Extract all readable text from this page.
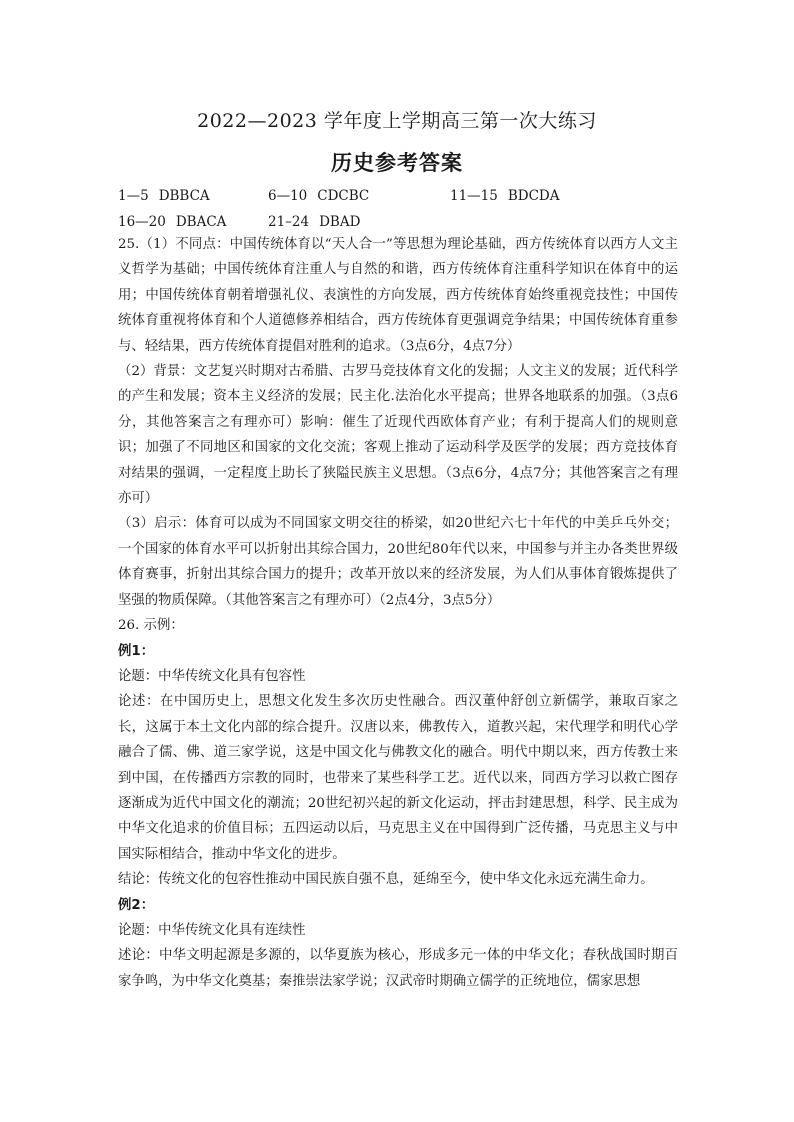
2022—2023 学年度上学期高三第一次大练习
历史参考答案
1—5 DBBCA	6—10 CDCBC	11—15 BDCDA
16—20 DBACA	21–24 DBAD

25.（1）不同点：中国传统体育以“天人合一”等思想为理论基础，西方传统体育以西方人文主义哲学为基础；中国传统体育注重人与自然的和谐，西方传统体育注重科学知识在体育中的运用；中国传统体育朝着增强礼仪、表演性的方向发展，西方传统体育始终重视竞技性；中国传统体育重视将体育和个人道德修养相结合，西方传统体育更强调竞争结果；中国传统体育重参与、轻结果，西方传统体育提倡对胜利的追求。（3点6分，4点7分）

（2）背景：文艺复兴时期对古希腊、古罗马竞技体育文化的发掘；人文主义的发展；近代科学的产生和发展；资本主义经济的发展；民主化.法治化水平提高；世界各地联系的加强。（3点6分，其他答案言之有理亦可）影响：催生了近现代西欧体育产业；有利于提高人们的规则意识；加强了不同地区和国家的文化交流；客观上推动了运动科学及医学的发展；西方竞技体育对结果的强调，一定程度上助长了狭隘民族主义思想。（3点6分，4点7分；其他答案言之有理亦可）

（3）启示：体育可以成为不同国家文明交往的桥梁，如20世纪六七十年代的中美乒乓外交；一个国家的体育水平可以折射出其综合国力，20世纪80年代以来，中国参与并主办各类世界级体育赛事，折射出其综合国力的提升；改革开放以来的经济发展，为人们从事体育锻炼提供了坚强的物质保障。（其他答案言之有理亦可）（2点4分，3点5分）

26. 示例：

例1：

论题：中华传统文化具有包容性

论述：在中国历史上，思想文化发生多次历史性融合。西汉董仲舒创立新儒学，兼取百家之长，这属于本土文化内部的综合提升。汉唐以来，佛教传入，道教兴起，宋代理学和明代心学融合了儒、佛、道三家学说，这是中国文化与佛教文化的融合。明代中期以来，西方传教士来到中国，在传播西方宗教的同时，也带来了某些科学工艺。近代以来，同西方学习以救亡图存逐渐成为近代中国文化的潮流；20世纪初兴起的新文化运动，抨击封建思想，科学、民主成为中华文化追求的价值目标；五四运动以后，马克思主义在中国得到广泛传播，马克思主义与中国实际相结合，推动中华文化的进步。

结论：传统文化的包容性推动中国民族自强不息，延绵至今，使中华文化永远充满生命力。

例2：

论题：中华传统文化具有连续性

述论：中华文明起源是多源的，以华夏族为核心，形成多元一体的中华文化；春秋战国时期百家争鸣，为中华文化奠基；秦推崇法家学说；汉武帝时期确立儒学的正统地位，儒家思想
